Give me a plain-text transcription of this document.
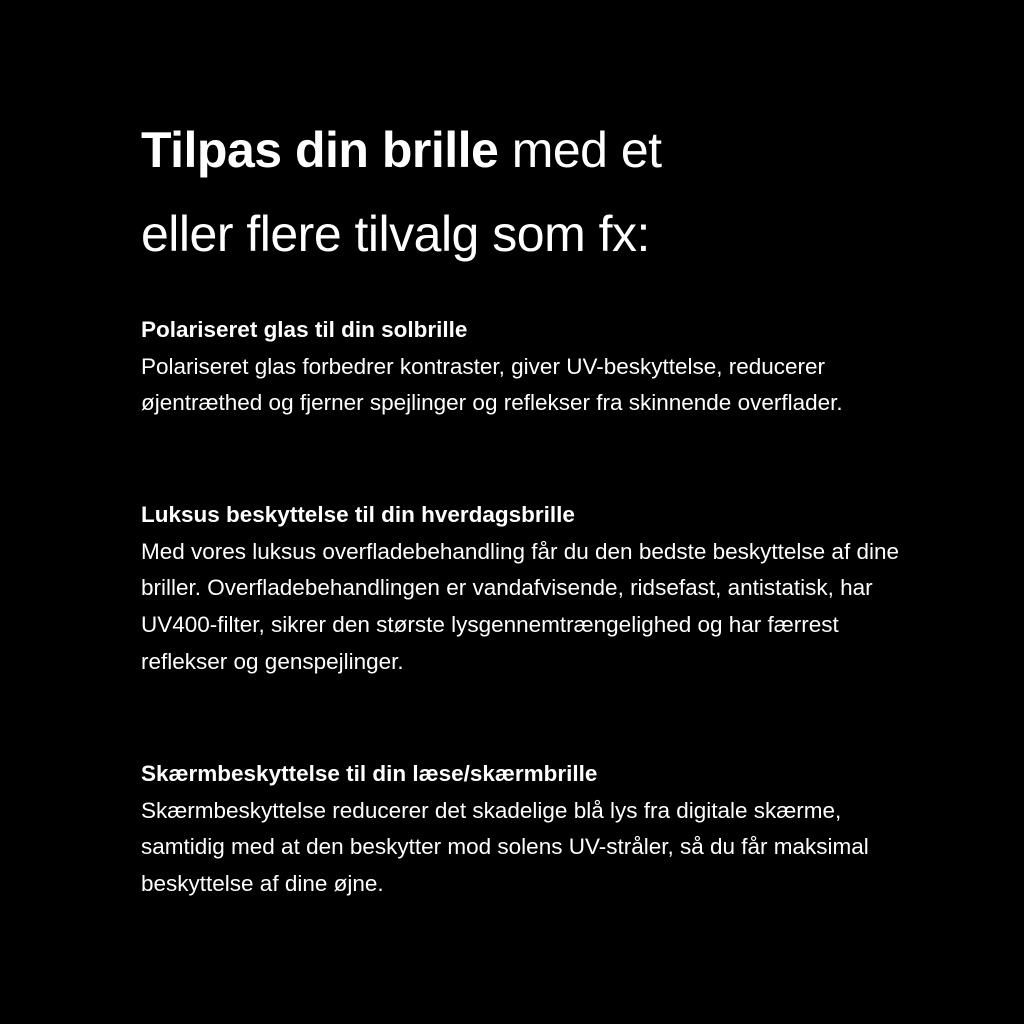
Tilpas din brille med et
eller flere tilvalg som fx:

Polariseret glas til din solbrille

Polariseret glas forbedrer kontraster, giver UV-beskyttelse, reducerer øjentræthed og fjerner spejlinger og reflekser fra skinnende overflader.

Luksus beskyttelse til din hverdagsbrille

Med vores luksus overfladebehandling får du den bedste beskyttelse af dine briller. Overfladebehandlingen er vandafvisende, ridsefast, antistatisk, har UV400-filter, sikrer den største lysgennemtrængelighed og har færrest reflekser og genspejlinger.

Skærmbeskyttelse til din læse/skærmbrille

Skærmbeskyttelse reducerer det skadelige blå lys fra digitale skærme, samtidig med at den beskytter mod solens UV-stråler, så du får maksimal beskyttelse af dine øjne.
